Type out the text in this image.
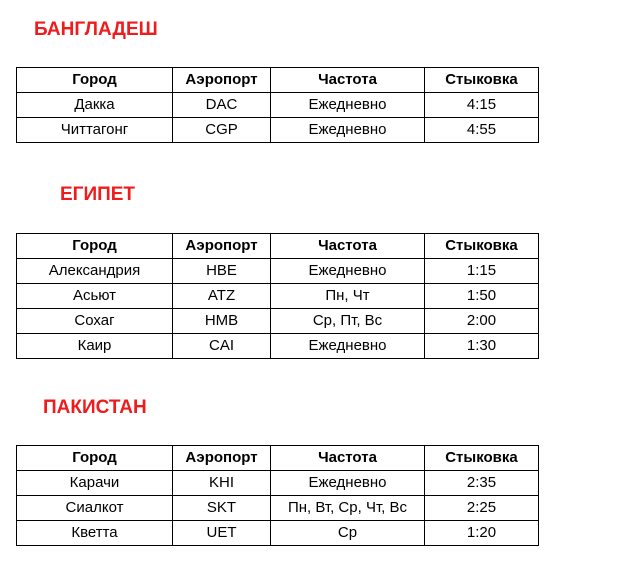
БАНГЛАДЕШ
Город	Аэропорт	Частота	Стыковка
Дакка	DAC	Ежедневно	4:15
Читтагонг	CGP	Ежедневно	4:55
ЕГИПЕТ
Город	Аэропорт	Частота	Стыковка
Александрия	HBE	Ежедневно	1:15
Асьют	ATZ	Пн, Чт	1:50
Сохаг	HMB	Ср, Пт, Вс	2:00
Каир	CAI	Ежедневно	1:30
ПАКИСТАН
Город	Аэропорт	Частота	Стыковка
Карачи	KHI	Ежедневно	2:35
Сиалкот	SKT	Пн, Вт, Ср, Чт, Вс	2:25
Кветта	UET	Ср	1:20
